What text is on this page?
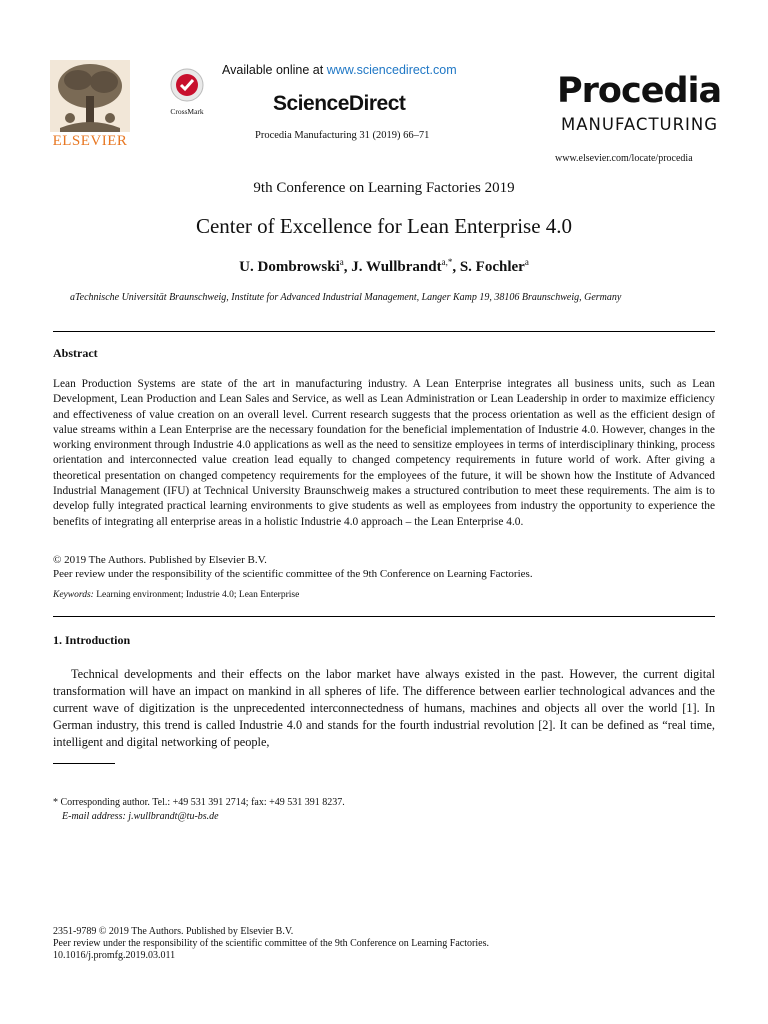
ELSEVIER
CrossMark
Available online at www.sciencedirect.com
ScienceDirect
Procedia Manufacturing 31 (2019) 66–71
Procedia
MANUFACTURING
www.elsevier.com/locate/procedia
9th Conference on Learning Factories 2019
Center of Excellence for Lean Enterprise 4.0
U. Dombrowski$^a$, J. Wullbrandt$^{a,*}$, S. Fochler$^a$
aTechnische Universität Braunschweig, Institute for Advanced Industrial Management, Langer Kamp 19, 38106 Braunschweig, Germany
Abstract
Lean Production Systems are state of the art in manufacturing industry. A Lean Enterprise integrates all business units, such as Lean Development, Lean Production and Lean Sales and Service, as well as Lean Administration or Lean Leadership in order to maximize efficiency and effectiveness of value creation on an overall level. Current research suggests that the process orientation as well as the efficient design of value streams within a Lean Enterprise are the necessary foundation for the beneficial implementation of Industrie 4.0. However, changes in the working environment through Industrie 4.0 applications as well as the need to sensitize employees in terms of interdisciplinary thinking, process orientation and interconnected value creation lead equally to changed competency requirements in future world of work. After giving a theoretical presentation on changed competency requirements for the employees of the future, it will be shown how the Institute of Advanced Industrial Management (IFU) at Technical University Braunschweig makes a structured contribution to meet these requirements. The aim is to develop fully integrated practical learning environments to give students as well as employees from industry the opportunity to experience the benefits of integrating all enterprise areas in a holistic Industrie 4.0 approach – the Lean Enterprise 4.0.
© 2019 The Authors. Published by Elsevier B.V.
Peer review under the responsibility of the scientific committee of the 9th Conference on Learning Factories.
Keywords: Learning environment; Industrie 4.0; Lean Enterprise
1. Introduction
Technical developments and their effects on the labor market have always existed in the past. However, the current digital transformation will have an impact on mankind in all spheres of life. The difference between earlier technological advances and the current wave of digitization is the unprecedented interconnectedness of humans, machines and objects all over the world [1]. In German industry, this trend is called Industrie 4.0 and stands for the fourth industrial revolution [2]. It can be defined as “real time, intelligent and digital networking of people,
* Corresponding author. Tel.: +49 531 391 2714; fax: +49 531 391 8237.
E-mail address: j.wullbrandt@tu-bs.de
2351-9789 © 2019 The Authors. Published by Elsevier B.V.
Peer review under the responsibility of the scientific committee of the 9th Conference on Learning Factories.
10.1016/j.promfg.2019.03.011
